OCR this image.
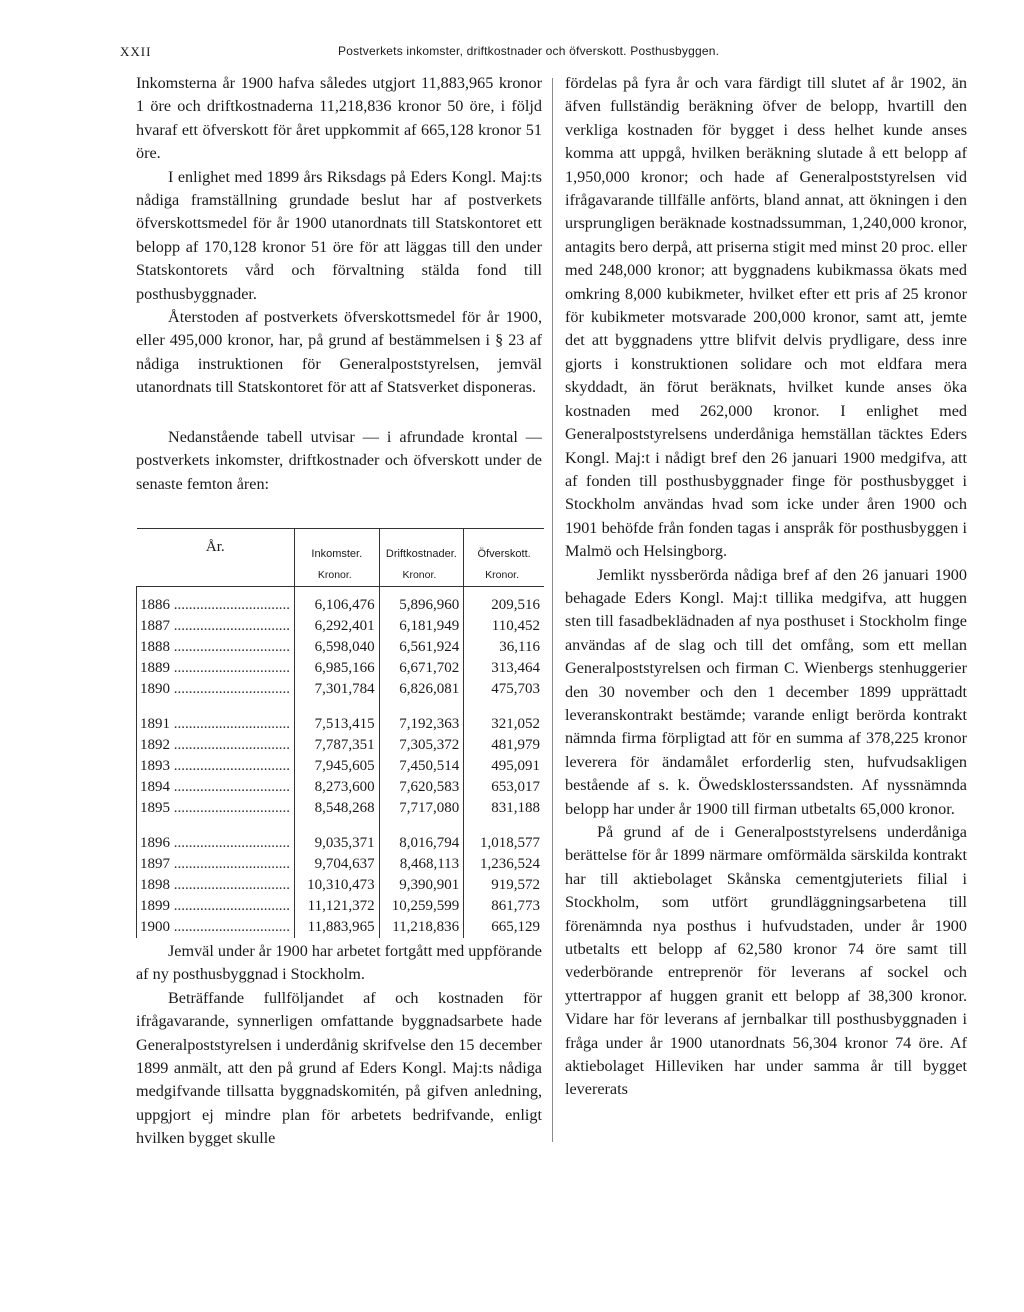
XXII	Postverkets inkomster, driftkostnader och öfverskott. Posthusbyggen.

Inkomsterna år 1900 hafva således utgjort 11,883,965 kronor 1 öre och driftkostnaderna 11,218,836 kronor 50 öre, i följd hvaraf ett öfverskott för året uppkommit af 665,128 kronor 51 öre.

I enlighet med 1899 års Riksdags på Eders Kongl. Maj:ts nådiga framställning grundade beslut har af postverkets öfverskottsmedel för år 1900 utanordnats till Statskontoret ett belopp af 170,128 kronor 51 öre för att läggas till den under Statskontorets vård och förvaltning stälda fond till posthusbyggnader.

Återstoden af postverkets öfverskottsmedel för år 1900, eller 495,000 kronor, har, på grund af bestämmelsen i § 23 af nådiga instruktionen för Generalpoststyrelsen, jemväl utanordnats till Statskontoret för att af Statsverket disponeras.

Nedanstående tabell utvisar — i afrundade krontal — postverkets inkomster, driftkostnader och öfverskott under de senaste femton åren:

År.	Inkomster.	Driftkostnader.	Öfverskott.
	Kronor.	Kronor.	Kronor.
1886 .....	6,106,476	5,896,960	209,516
1887 .....	6,292,401	6,181,949	110,452
1888 .....	6,598,040	6,561,924	36,116
1889 .....	6,985,166	6,671,702	313,464
1890 .....	7,301,784	6,826,081	475,703
1891 .....	7,513,415	7,192,363	321,052
1892 .....	7,787,351	7,305,372	481,979
1893 .....	7,945,605	7,450,514	495,091
1894 .....	8,273,600	7,620,583	653,017
1895 .....	8,548,268	7,717,080	831,188
1896 .....	9,035,371	8,016,794	1,018,577
1897 .....	9,704,637	8,468,113	1,236,524
1898 .....	10,310,473	9,390,901	919,572
1899 .....	11,121,372	10,259,599	861,773
1900 .....	11,883,965	11,218,836	665,129

Jemväl under år 1900 har arbetet fortgått med uppförande af ny posthusbyggnad i Stockholm.

Beträffande fullföljandet af och kostnaden för ifrågavarande, synnerligen omfattande byggnadsarbete hade Generalpoststyrelsen i underdånig skrifvelse den 15 december 1899 anmält, att den på grund af Eders Kongl. Maj:ts nådiga medgifvande tillsatta byggnadskomitén, på gifven anledning, uppgjort ej mindre plan för arbetets bedrifvande, enligt hvilken bygget skulle

fördelas på fyra år och vara färdigt till slutet af år 1902, än äfven fullständig beräkning öfver de belopp, hvartill den verkliga kostnaden för bygget i dess helhet kunde anses komma att uppgå, hvilken beräkning slutade å ett belopp af 1,950,000 kronor; och hade af Generalpoststyrelsen vid ifrågavarande tillfälle anförts, bland annat, att ökningen i den ursprungligen beräknade kostnadssumman, 1,240,000 kronor, antagits bero derpå, att priserna stigit med minst 20 proc. eller med 248,000 kronor; att byggnadens kubikmassa ökats med omkring 8,000 kubikmeter, hvilket efter ett pris af 25 kronor för kubikmeter motsvarade 200,000 kronor, samt att, jemte det att byggnadens yttre blifvit delvis prydligare, dess inre gjorts i konstruktionen solidare och mot eldfara mera skyddadt, än förut beräknats, hvilket kunde anses öka kostnaden med 262,000 kronor. I enlighet med Generalpoststyrelsens underdåniga hemställan täcktes Eders Kongl. Maj:t i nådigt bref den 26 januari 1900 medgifva, att af fonden till posthusbyggnader finge för posthusbygget i Stockholm användas hvad som icke under åren 1900 och 1901 behöfde från fonden tagas i anspråk för posthusbyggen i Malmö och Helsingborg.

Jemlikt nyssberörda nådiga bref af den 26 januari 1900 behagade Eders Kongl. Maj:t tillika medgifva, att huggen sten till fasadbeklädnaden af nya posthuset i Stockholm finge användas af de slag och till det omfång, som ett mellan Generalpoststyrelsen och firman C. Wienbergs stenhuggerier den 30 november och den 1 december 1899 upprättadt leveranskontrakt bestämde; varande enligt berörda kontrakt nämnda firma förpligtad att för en summa af 378,225 kronor leverera för ändamålet erforderlig sten, hufvudsakligen bestående af s. k. Öwedsklosterssandsten. Af nyssnämnda belopp har under år 1900 till firman utbetalts 65,000 kronor.

På grund af de i Generalpoststyrelsens underdåniga berättelse för år 1899 närmare omförmälda särskilda kontrakt har till aktiebolaget Skånska cementgjuteriets filial i Stockholm, som utfört grundläggningsarbetena till förenämnda nya posthus i hufvudstaden, under år 1900 utbetalts ett belopp af 62,580 kronor 74 öre samt till vederbörande entreprenör för leverans af sockel och yttertrappor af huggen granit ett belopp af 38,300 kronor. Vidare har för leverans af jernbalkar till posthusbyggnaden i fråga under år 1900 utanordnats 56,304 kronor 74 öre. Af aktiebolaget Hilleviken har under samma år till bygget levererats
